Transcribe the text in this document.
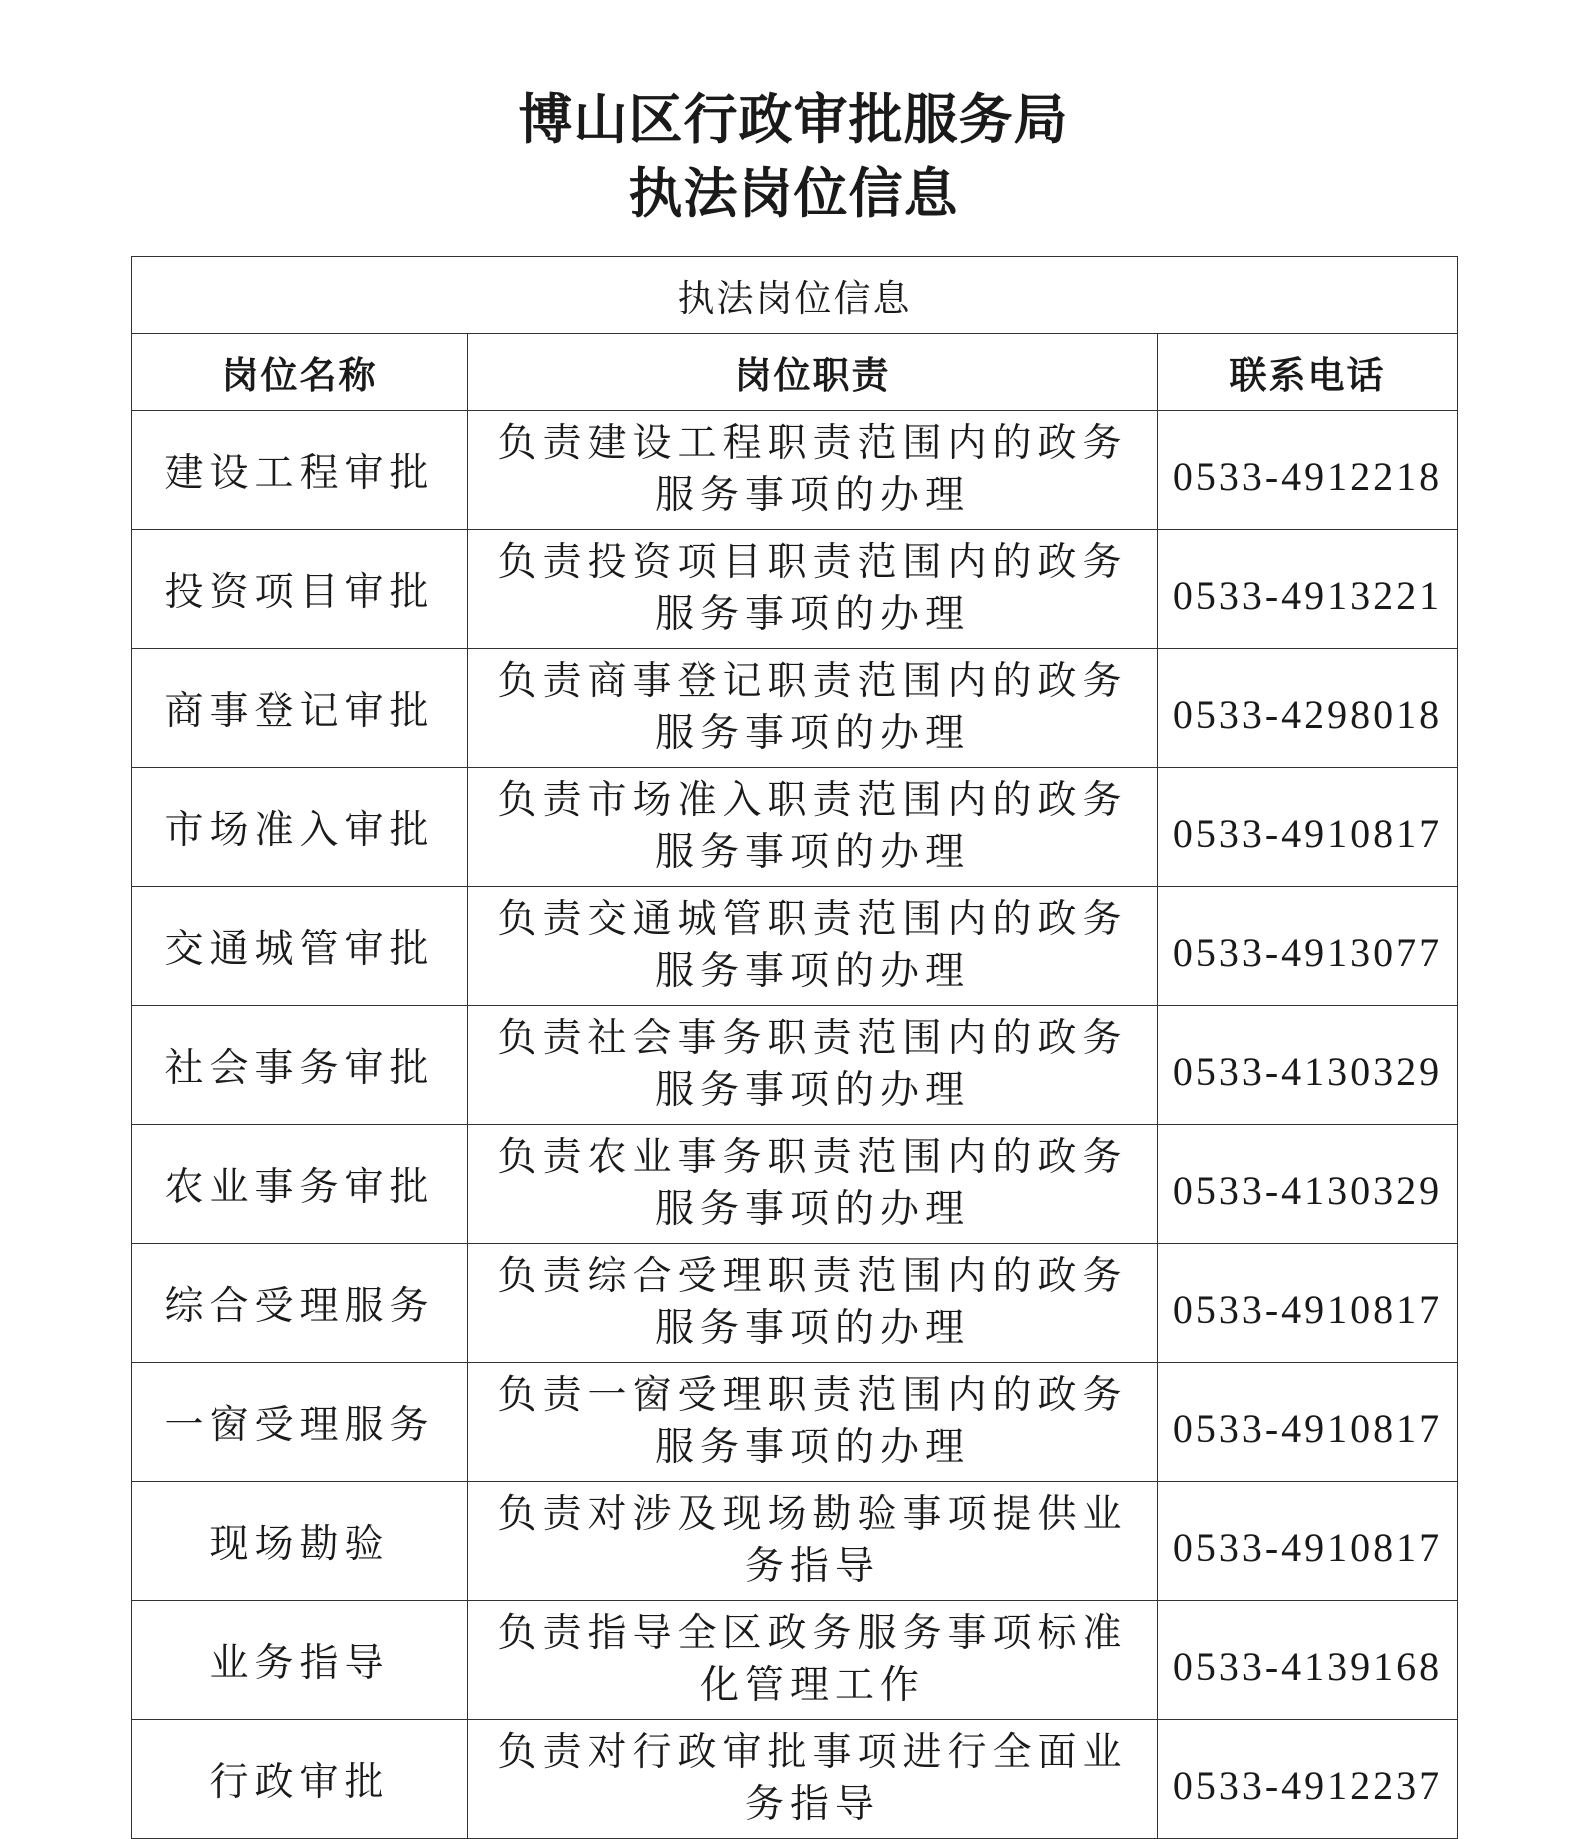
博山区行政审批服务局
执法岗位信息
执法岗位信息		
岗位名称	岗位职责	联系电话
建设工程审批	负责建设工程职责范围内的政务服务事项的办理	0533-4912218
投资项目审批	负责投资项目职责范围内的政务服务事项的办理	0533-4913221
商事登记审批	负责商事登记职责范围内的政务服务事项的办理	0533-4298018
市场准入审批	负责市场准入职责范围内的政务服务事项的办理	0533-4910817
交通城管审批	负责交通城管职责范围内的政务服务事项的办理	0533-4913077
社会事务审批	负责社会事务职责范围内的政务服务事项的办理	0533-4130329
农业事务审批	负责农业事务职责范围内的政务服务事项的办理	0533-4130329
综合受理服务	负责综合受理职责范围内的政务服务事项的办理	0533-4910817
一窗受理服务	负责一窗受理职责范围内的政务服务事项的办理	0533-4910817
现场勘验	负责对涉及现场勘验事项提供业务指导	0533-4910817
业务指导	负责指导全区政务服务事项标准化管理工作	0533-4139168
行政审批	负责对行政审批事项进行全面业务指导	0533-4912237
